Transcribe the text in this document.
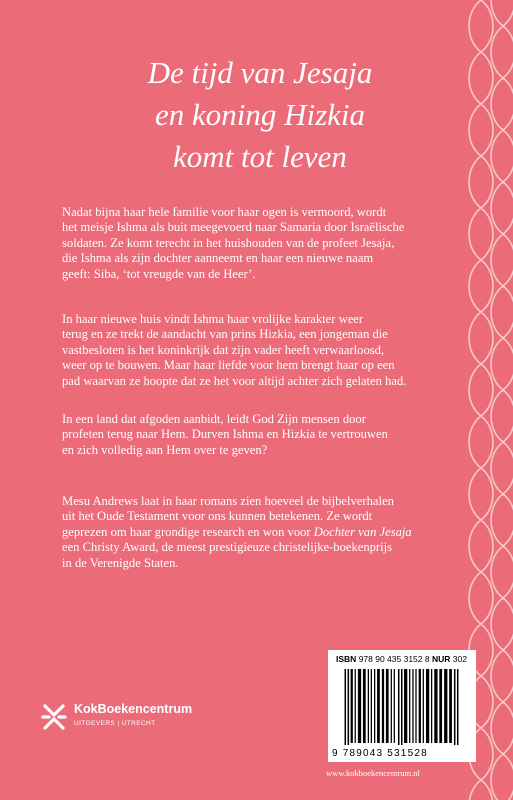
De tijd van Jesaja
en koning Hizkia
komt tot leven

Nadat bijna haar hele familie voor haar ogen is vermoord, wordt

het meisje Ishma als buit meegevoerd naar Samaria door Israëlische

soldaten. Ze komt terecht in het huishouden van de profeet Jesaja,

die Ishma als zijn dochter aanneemt en haar een nieuwe naam

geeft: Siba, ‘tot vreugde van de Heer’.

In haar nieuwe huis vindt Ishma haar vrolijke karakter weer

terug en ze trekt de aandacht van prins Hizkia, een jongeman die

vastbesloten is het koninkrijk dat zijn vader heeft verwaarloosd,

weer op te bouwen. Maar haar liefde voor hem brengt haar op een

pad waarvan ze hoopte dat ze het voor altijd achter zich gelaten had.

In een land dat afgoden aanbidt, leidt God Zijn mensen door

profeten terug naar Hem. Durven Ishma en Hizkia te vertrouwen

en zich volledig aan Hem over te geven?

Mesu Andrews laat in haar romans zien hoeveel de bijbelverhalen

uit het Oude Testament voor ons kunnen betekenen. Ze wordt

geprezen om haar grondige research en won voor Dochter van Jesaja

een Christy Award, de meest prestigieuze christelijke-boekenprijs

in de Verenigde Staten.

KokBoekencentrum
UITGEVERS | UTRECHT
ISBN 978 90 435 3152 8 NUR 302
9 789043 531528
www.kokboekencentrum.nl
